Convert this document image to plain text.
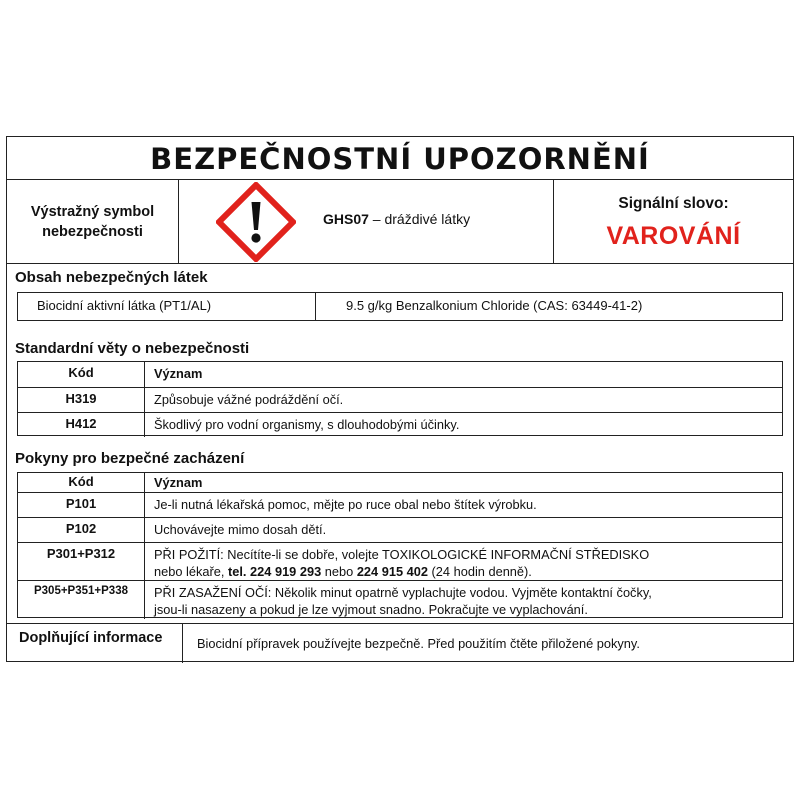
BEZPEČNOSTNÍ UPOZORNĚNÍ
Výstražný symbol
nebezpečnosti
GHS07 – dráždivé látky
Signální slovo:
VAROVÁNÍ
Obsah nebezpečných látek
Biocidní aktivní látka (PT1/AL)	9.5 g/kg Benzalkonium Chloride (CAS: 63449-41-2)
Standardní věty o nebezpečnosti
Kód	Význam
H319	Způsobuje vážné podráždění očí.
H412	Škodlivý pro vodní organismy, s dlouhodobými účinky.
Pokyny pro bezpečné zacházení
Kód	Význam
P101	Je-li nutná lékařská pomoc, mějte po ruce obal nebo štítek výrobku.
P102	Uchovávejte mimo dosah dětí.
P301+P312	PŘI POŽITÍ: Necítíte-li se dobře, volejte TOXIKOLOGICKÉ INFORMAČNÍ STŘEDISKO
nebo lékaře, tel. 224 919 293 nebo 224 915 402 (24 hodin denně).
P305+P351+P338	PŘI ZASAŽENÍ OČÍ: Několik minut opatrně vyplachujte vodou. Vyjměte kontaktní čočky,
jsou-li nasazeny a pokud je lze vyjmout snadno. Pokračujte ve vyplachování.
Doplňující informace	Biocidní přípravek používejte bezpečně. Před použitím čtěte přiložené pokyny.
